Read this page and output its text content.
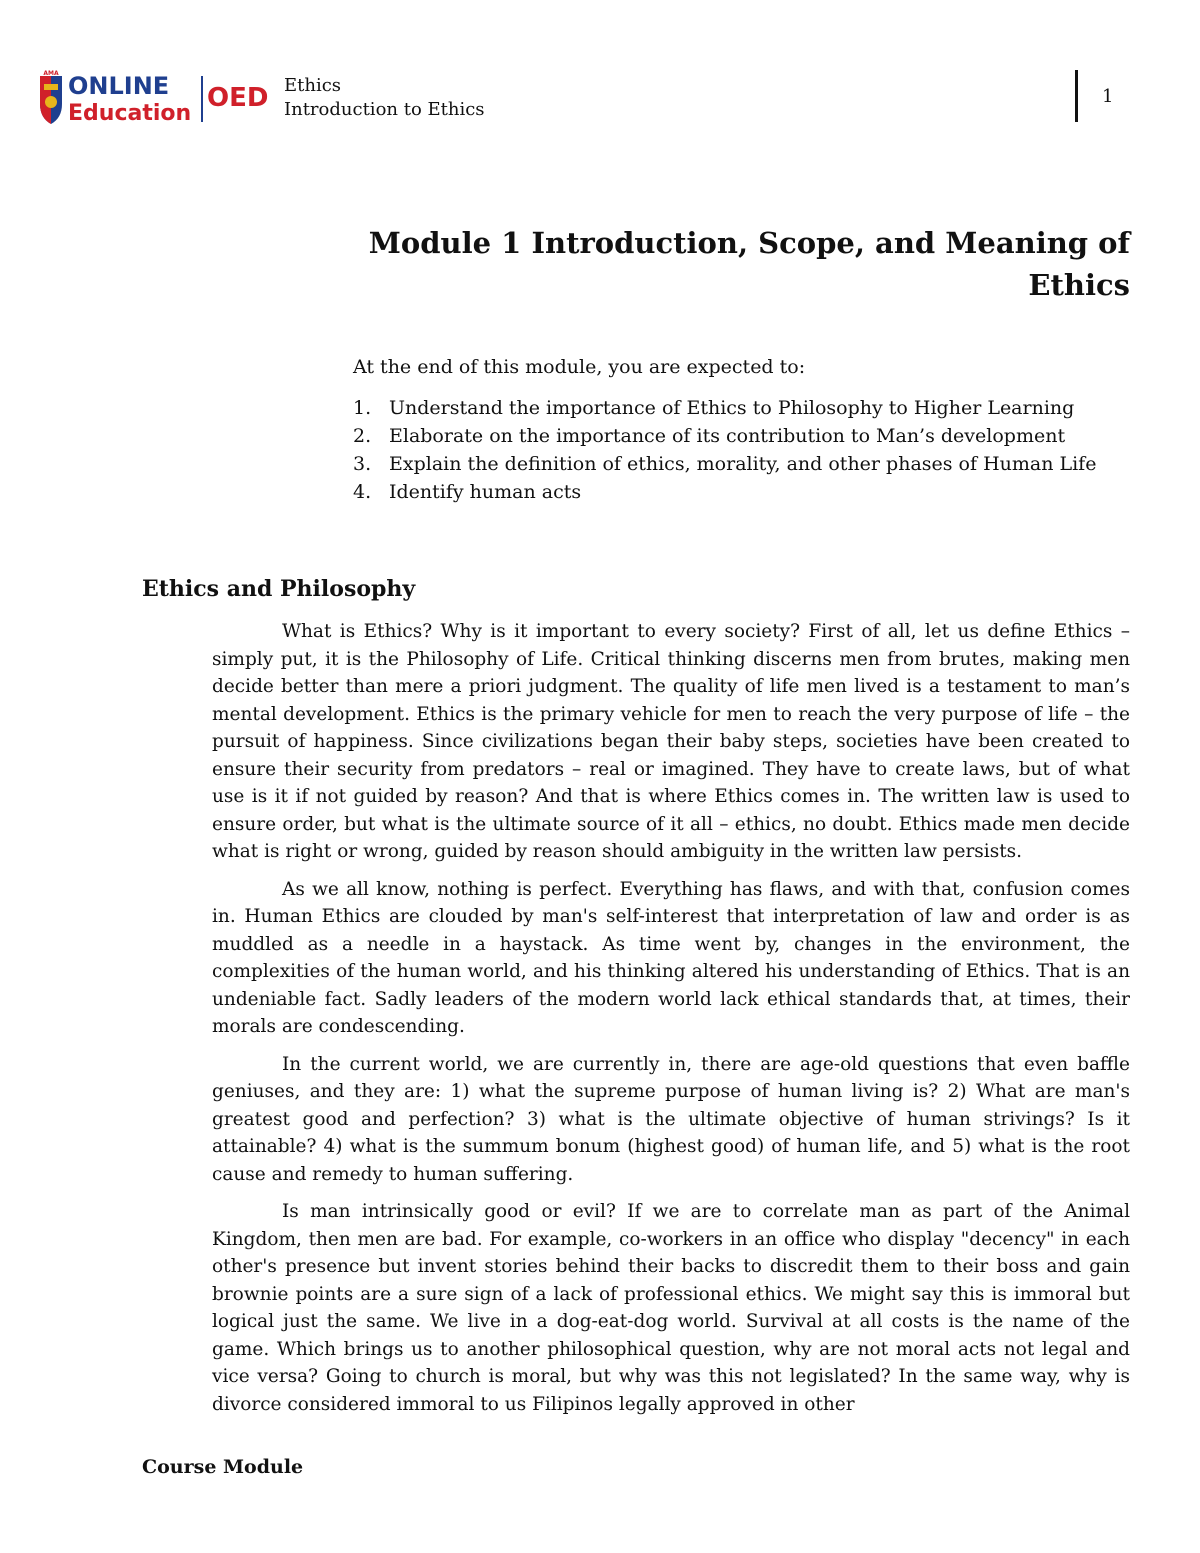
AMA ONLINE
Education
OED Ethics
Introduction to Ethics
1
Module 1 Introduction, Scope, and Meaning of
Ethics
At the end of this module, you are expected to:
1. Understand the importance of Ethics to Philosophy to Higher Learning
2. Elaborate on the importance of its contribution to Man’s development
3. Explain the definition of ethics, morality, and other phases of Human Life
4. Identify human acts
Ethics and Philosophy

What is Ethics? Why is it important to every society? First of all, let us define Ethics – simply put, it is the Philosophy of Life. Critical thinking discerns men from brutes, making men decide better than mere a priori judgment. The quality of life men lived is a testament to man’s mental development. Ethics is the primary vehicle for men to reach the very purpose of life – the pursuit of happiness. Since civilizations began their baby steps, societies have been created to ensure their security from predators – real or imagined. They have to create laws, but of what use is it if not guided by reason? And that is where Ethics comes in. The written law is used to ensure order, but what is the ultimate source of it all – ethics, no doubt. Ethics made men decide what is right or wrong, guided by reason should ambiguity in the written law persists.

As we all know, nothing is perfect. Everything has flaws, and with that, confusion comes in. Human Ethics are clouded by man's self-interest that interpretation of law and order is as muddled as a needle in a haystack. As time went by, changes in the environment, the complexities of the human world, and his thinking altered his understanding of Ethics. That is an undeniable fact. Sadly leaders of the modern world lack ethical standards that, at times, their morals are condescending.

In the current world, we are currently in, there are age-old questions that even baffle geniuses, and they are: 1) what the supreme purpose of human living is? 2) What are man's greatest good and perfection? 3) what is the ultimate objective of human strivings? Is it attainable? 4) what is the summum bonum (highest good) of human life, and 5) what is the root cause and remedy to human suffering.

Is man intrinsically good or evil? If we are to correlate man as part of the Animal Kingdom, then men are bad. For example, co-workers in an office who display "decency" in each other's presence but invent stories behind their backs to discredit them to their boss and gain brownie points are a sure sign of a lack of professional ethics. We might say this is immoral but logical just the same. We live in a dog-eat-dog world. Survival at all costs is the name of the game. Which brings us to another philosophical question, why are not moral acts not legal and vice versa? Going to church is moral, but why was this not legislated? In the same way, why is divorce considered immoral to us Filipinos legally approved in other

Course Module
